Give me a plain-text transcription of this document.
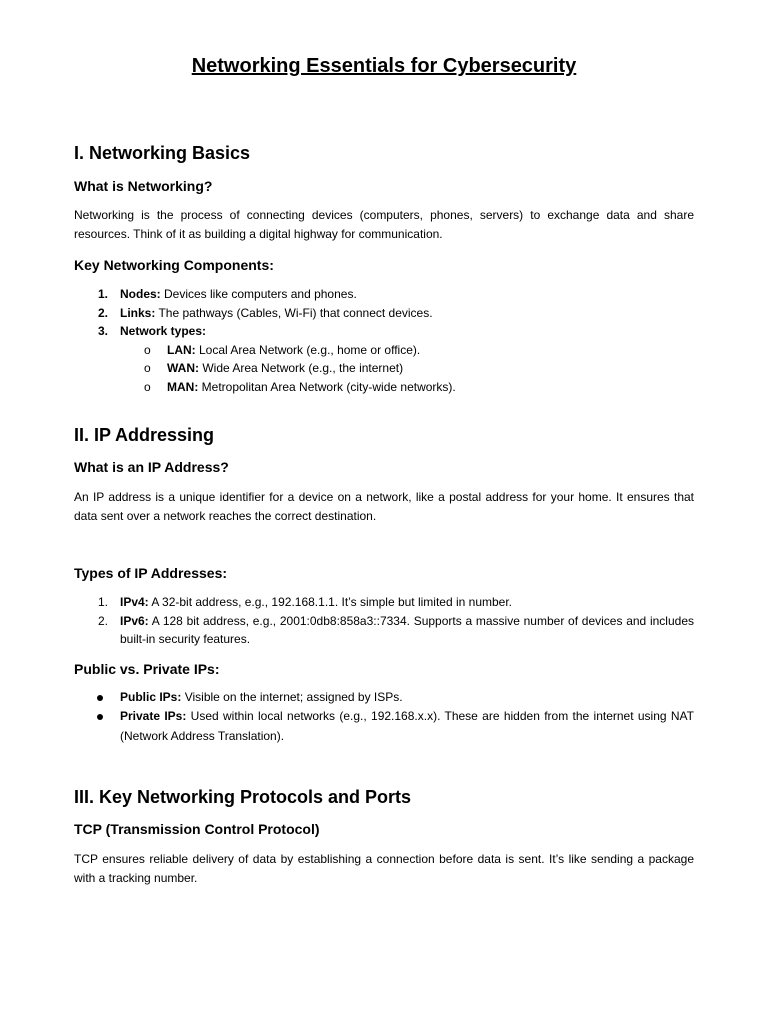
Networking Essentials for Cybersecurity
I. Networking Basics
What is Networking?

Networking is the process of connecting devices (computers, phones, servers) to exchange data and share resources. Think of it as building a digital highway for communication.

Key Networking Components:
1. Nodes: Devices like computers and phones.
2. Links: The pathways (Cables, Wi-Fi) that connect devices.
3. Network types:
o LAN: Local Area Network (e.g., home or office).
o WAN: Wide Area Network (e.g., the internet)
o MAN: Metropolitan Area Network (city-wide networks).
II. IP Addressing
What is an IP Address?

An IP address is a unique identifier for a device on a network, like a postal address for your home. It ensures that data sent over a network reaches the correct destination.

Types of IP Addresses:
1. IPv4: A 32-bit address, e.g., 192.168.1.1. It’s simple but limited in number.
2. IPv6: A 128 bit address, e.g., 2001:0db8:858a3::7334. Supports a massive number of devices and includes built-in security features.
Public vs. Private IPs:
Public IPs: Visible on the internet; assigned by ISPs.
Private IPs: Used within local networks (e.g., 192.168.x.x). These are hidden from the internet using NAT (Network Address Translation).
III. Key Networking Protocols and Ports
TCP (Transmission Control Protocol)

TCP ensures reliable delivery of data by establishing a connection before data is sent. It’s like sending a package with a tracking number.
